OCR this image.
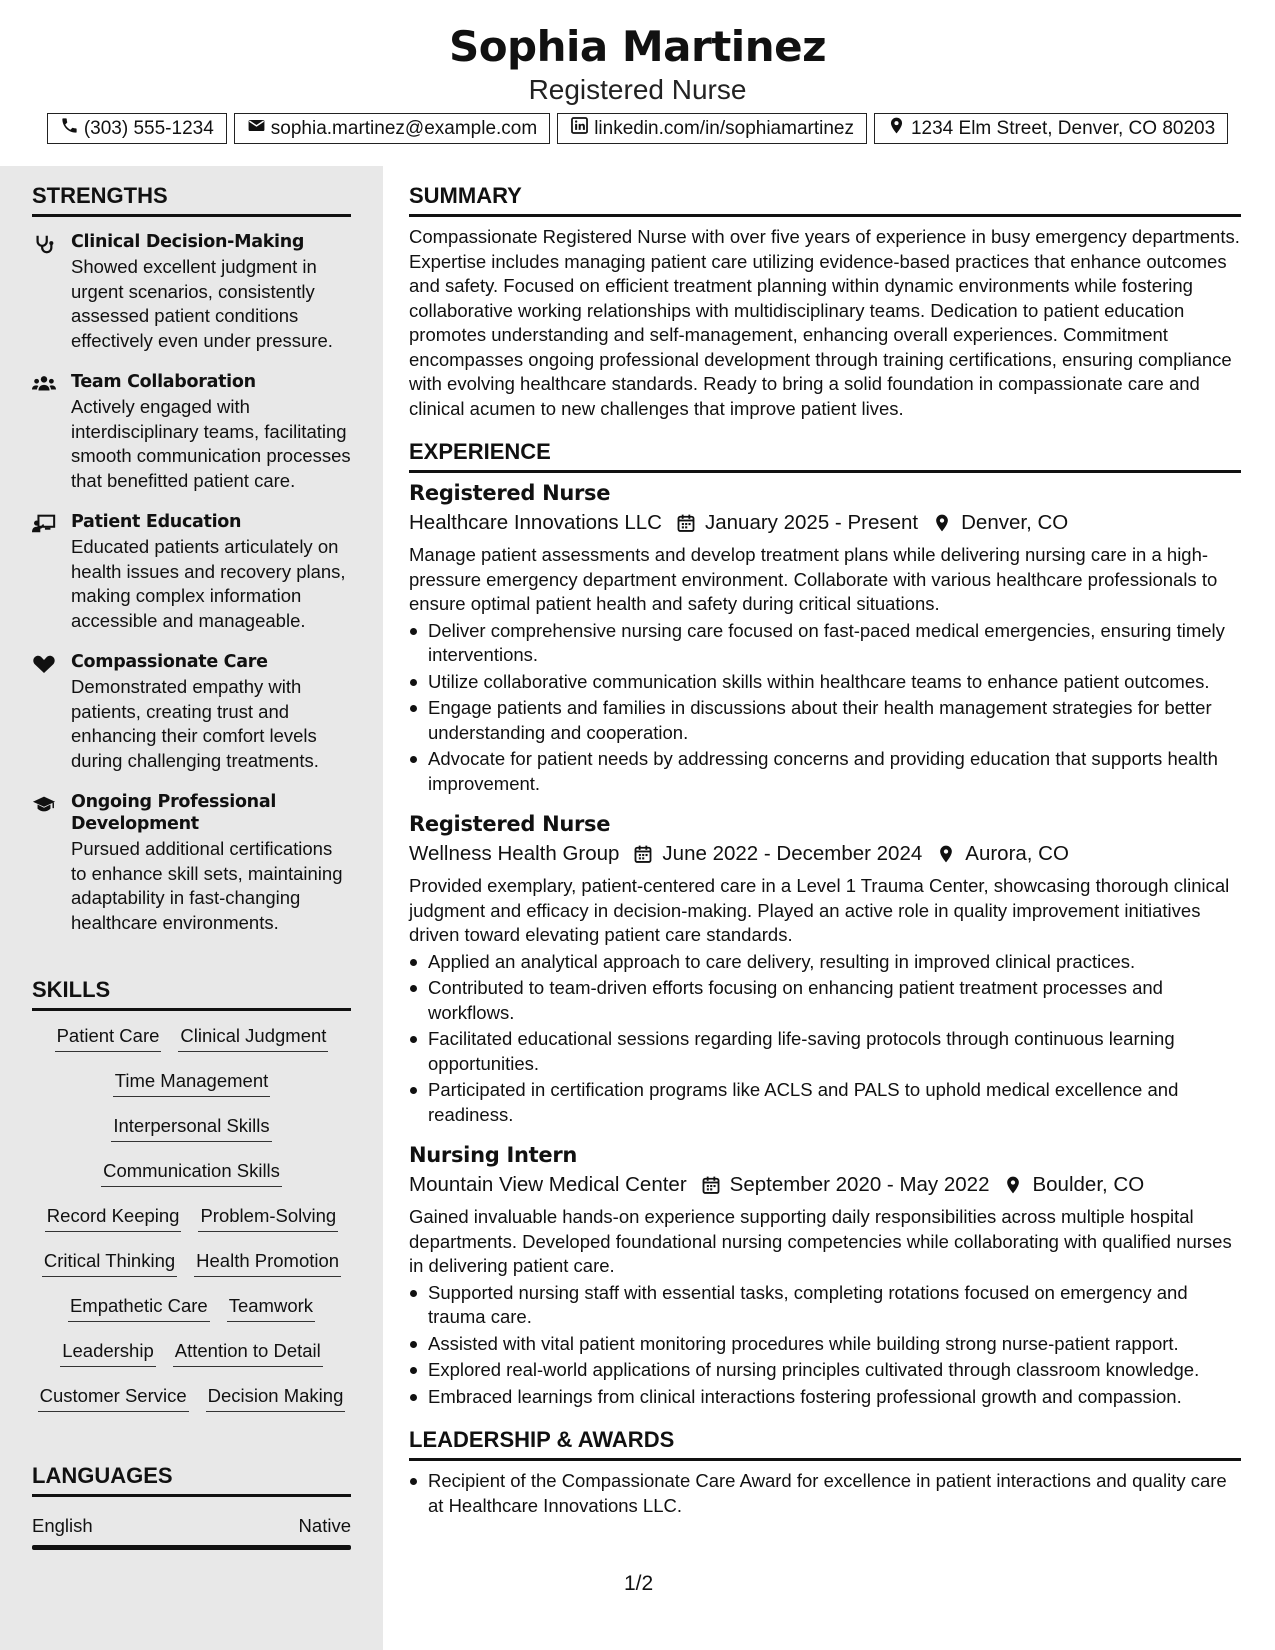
Sophia Martinez
Registered Nurse
(303) 555-1234	sophia.martinez@example.com	linkedin.com/in/sophiamartinez	1234 Elm Street, Denver, CO 80203
STRENGTHS
Clinical Decision-Making
Showed excellent judgment in urgent scenarios, consistently assessed patient conditions effectively even under pressure.
Team Collaboration
Actively engaged with interdisciplinary teams, facilitating smooth communication processes that benefitted patient care.
Patient Education
Educated patients articulately on health issues and recovery plans, making complex information accessible and manageable.
Compassionate Care
Demonstrated empathy with patients, creating trust and enhancing their comfort levels during challenging treatments.
Ongoing Professional Development
Pursued additional certifications to enhance skill sets, maintaining adaptability in fast-changing healthcare environments.
SKILLS
Patient Care Clinical Judgment
Time Management
Interpersonal Skills
Communication Skills
Record Keeping Problem-Solving
Critical Thinking Health Promotion
Empathetic Care Teamwork
Leadership Attention to Detail
Customer Service Decision Making
LANGUAGES
English	Native
SUMMARY
Compassionate Registered Nurse with over five years of experience in busy emergency departments. Expertise includes managing patient care utilizing evidence-based practices that enhance outcomes and safety. Focused on efficient treatment planning within dynamic environments while fostering collaborative working relationships with multidisciplinary teams. Dedication to patient education promotes understanding and self-management, enhancing overall experiences. Commitment encompasses ongoing professional development through training certifications, ensuring compliance with evolving healthcare standards. Ready to bring a solid foundation in compassionate care and clinical acumen to new challenges that improve patient lives.
EXPERIENCE
Registered Nurse
Healthcare Innovations LLC January 2025 - Present Denver, CO
Manage patient assessments and develop treatment plans while delivering nursing care in a high-pressure emergency department environment. Collaborate with various healthcare professionals to ensure optimal patient health and safety during critical situations.
Deliver comprehensive nursing care focused on fast-paced medical emergencies, ensuring timely interventions.
Utilize collaborative communication skills within healthcare teams to enhance patient outcomes.
Engage patients and families in discussions about their health management strategies for better understanding and cooperation.
Advocate for patient needs by addressing concerns and providing education that supports health improvement.
Registered Nurse
Wellness Health Group June 2022 - December 2024 Aurora, CO
Provided exemplary, patient-centered care in a Level 1 Trauma Center, showcasing thorough clinical judgment and efficacy in decision-making. Played an active role in quality improvement initiatives driven toward elevating patient care standards.
Applied an analytical approach to care delivery, resulting in improved clinical practices.
Contributed to team-driven efforts focusing on enhancing patient treatment processes and workflows.
Facilitated educational sessions regarding life-saving protocols through continuous learning opportunities.
Participated in certification programs like ACLS and PALS to uphold medical excellence and readiness.
Nursing Intern
Mountain View Medical Center September 2020 - May 2022 Boulder, CO
Gained invaluable hands-on experience supporting daily responsibilities across multiple hospital departments. Developed foundational nursing competencies while collaborating with qualified nurses in delivering patient care.
Supported nursing staff with essential tasks, completing rotations focused on emergency and trauma care.
Assisted with vital patient monitoring procedures while building strong nurse-patient rapport.
Explored real-world applications of nursing principles cultivated through classroom knowledge.
Embraced learnings from clinical interactions fostering professional growth and compassion.
LEADERSHIP & AWARDS
Recipient of the Compassionate Care Award for excellence in patient interactions and quality care at Healthcare Innovations LLC.
1/2
